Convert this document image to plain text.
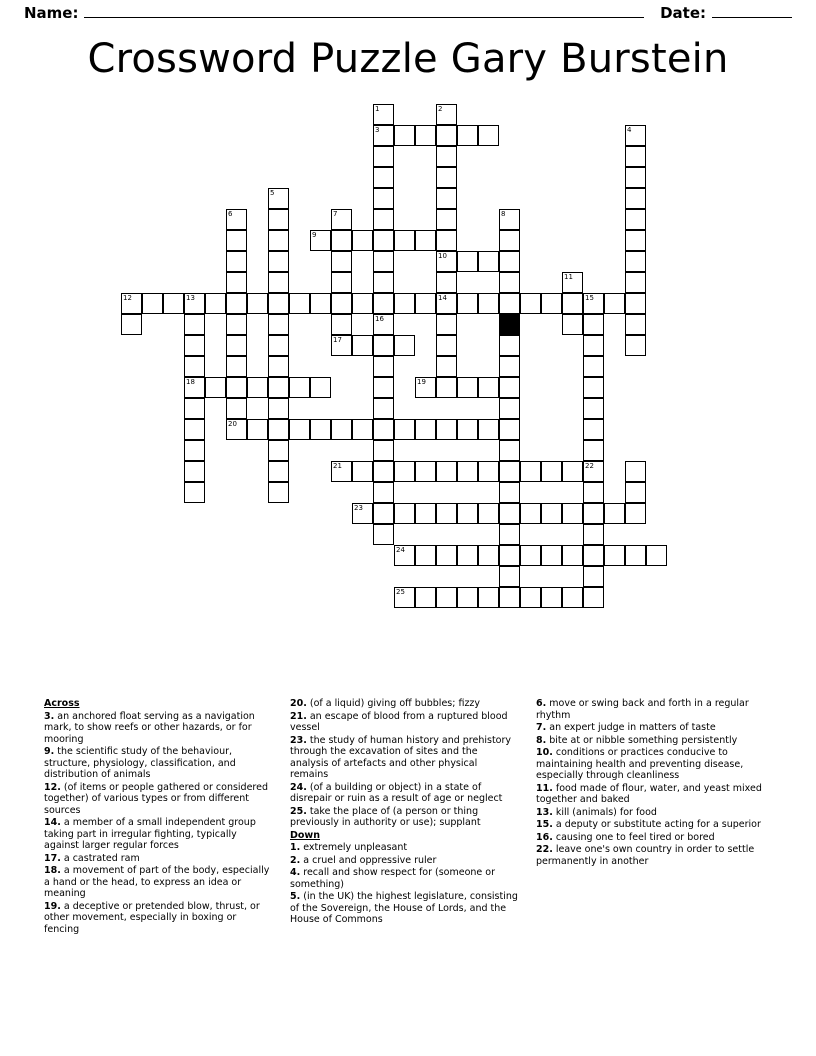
Name:	Date:
Crossword Puzzle Gary Burstein
1	2
3	4
5
6	7	8
9
10
11
12	13	14	15
16
17
18	19
20
21	22
23
24
25
Across
3. an anchored float serving as a navigation mark, to show reefs or other hazards, or for mooring
9. the scientific study of the behaviour, structure, physiology, classification, and distribution of animals
12. (of items or people gathered or considered together) of various types or from different sources
14. a member of a small independent group taking part in irregular fighting, typically against larger regular forces
17. a castrated ram
18. a movement of part of the body, especially a hand or the head, to express an idea or meaning
19. a deceptive or pretended blow, thrust, or other movement, especially in boxing or fencing
20. (of a liquid) giving off bubbles; fizzy
21. an escape of blood from a ruptured blood vessel
23. the study of human history and prehistory through the excavation of sites and the analysis of artefacts and other physical remains
24. (of a building or object) in a state of disrepair or ruin as a result of age or neglect
25. take the place of (a person or thing previously in authority or use); supplant
Down
1. extremely unpleasant
2. a cruel and oppressive ruler
4. recall and show respect for (someone or something)
5. (in the UK) the highest legislature, consisting of the Sovereign, the House of Lords, and the House of Commons
6. move or swing back and forth in a regular rhythm
7. an expert judge in matters of taste
8. bite at or nibble something persistently
10. conditions or practices conducive to maintaining health and preventing disease, especially through cleanliness
11. food made of flour, water, and yeast mixed together and baked
13. kill (animals) for food
15. a deputy or substitute acting for a superior
16. causing one to feel tired or bored
22. leave one's own country in order to settle permanently in another
